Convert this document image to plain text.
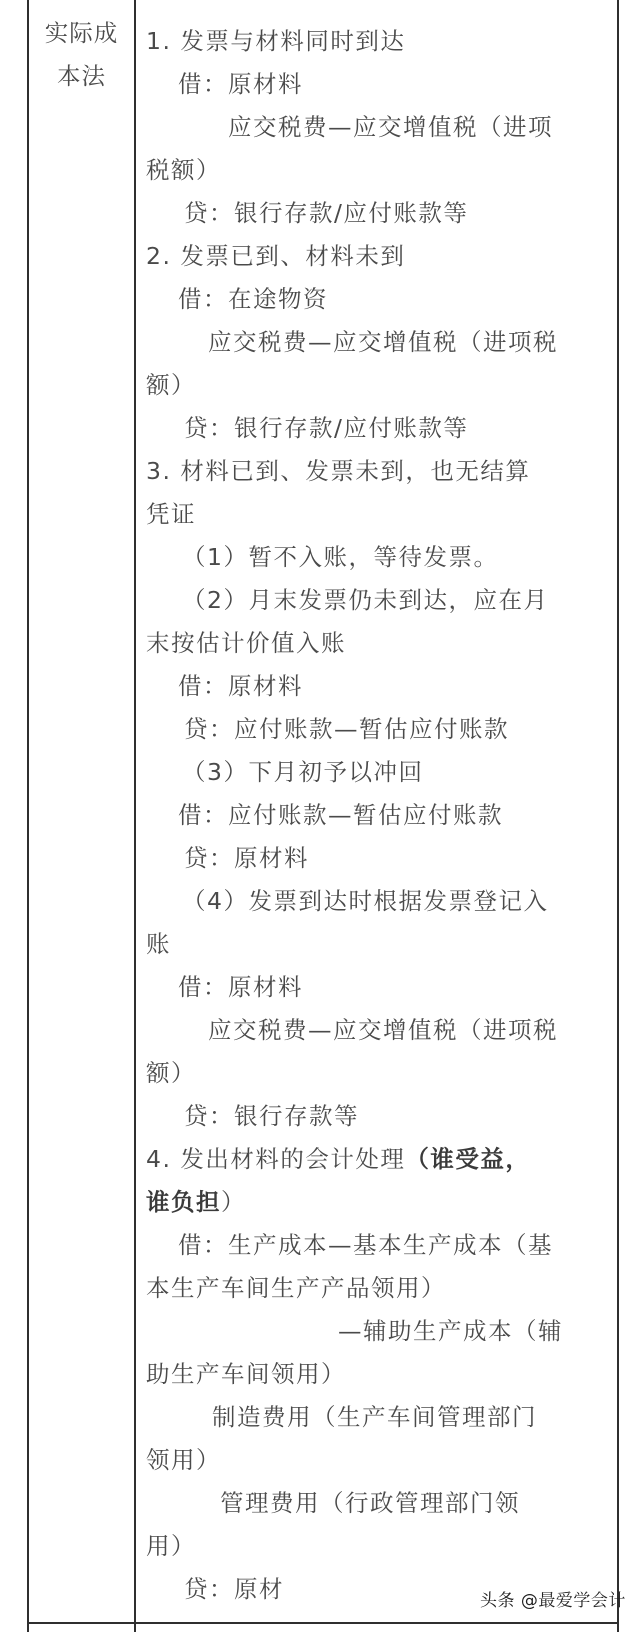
实际成
本法
1. 发票与材料同时到达
借：原材料
应交税费—应交增值税（进项
税额）
贷：银行存款/应付账款等
2. 发票已到、材料未到
借：在途物资
应交税费—应交增值税（进项税
额）
贷：银行存款/应付账款等
3. 材料已到、发票未到，也无结算
凭证
（1）暂不入账，等待发票。
（2）月末发票仍未到达，应在月
末按估计价值入账
借：原材料
贷：应付账款—暂估应付账款
（3）下月初予以冲回
借：应付账款—暂估应付账款
贷：原材料
（4）发票到达时根据发票登记入
账
借：原材料
应交税费—应交增值税（进项税
额）
贷：银行存款等
4. 发出材料的会计处理（谁受益，
谁负担）
借：生产成本—基本生产成本（基
本生产车间生产产品领用）
—辅助生产成本（辅
助生产车间领用）
制造费用（生产车间管理部门
领用）
管理费用（行政管理部门领
用）
贷：原材	头条 @最爱学会计
